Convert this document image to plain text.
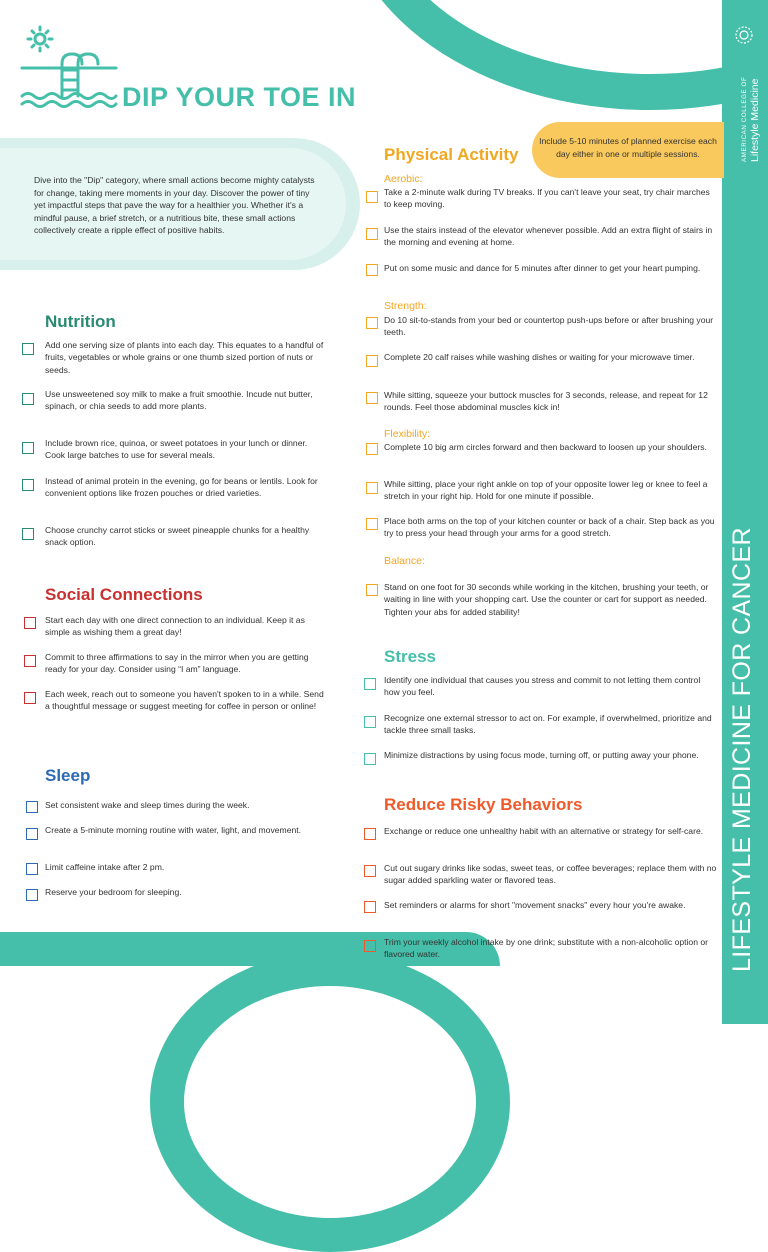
Dive into the "Dip" category, where small actions become mighty catalysts for change, taking mere moments in your day. Discover the power of tiny yet impactful steps that pave the way for a healthier you. Whether it's a mindful pause, a brief stretch, or a nutritious bite, these small actions collectively create a ripple effect of positive habits.
DIP YOUR TOE IN	AMERICAN COLLEGE OF Lifestyle Medicine
LIFESTYLE MEDICINE FOR CANCER
Include 5-10 minutes of planned exercise each day either in one or multiple sessions.
Nutrition
Social Connections
Sleep
Physical Activity
Aerobic:
Strength:
Flexibility:
Balance:
Stress
Reduce Risky Behaviors
Add one serving size of plants into each day. This equates to a handful of fruits, vegetables or whole grains or one thumb sized portion of nuts or seeds.
Use unsweetened soy milk to make a fruit smoothie. Incude nut butter, spinach, or chia seeds to add more plants.
Include brown rice, quinoa, or sweet potatoes in your lunch or dinner. Cook large batches to use for several meals.
Instead of animal protein in the evening, go for beans or lentils. Look for convenient options like frozen pouches or dried varieties.
Choose crunchy carrot sticks or sweet pineapple chunks for a healthy snack option.
Start each day with one direct connection to an individual. Keep it as simple as wishing them a great day!
Commit to three affirmations to say in the mirror when you are getting ready for your day. Consider using “I am” language.
Each week, reach out to someone you haven't spoken to in a while. Send a thoughtful message or suggest meeting for coffee in person or online!
Set consistent wake and sleep times during the week.
Create a 5-minute morning routine with water, light, and movement.
Limit caffeine intake after 2 pm.
Reserve your bedroom for sleeping.
Take a 2-minute walk during TV breaks. If you can't leave your seat, try chair marches to keep moving.
Use the stairs instead of the elevator whenever possible. Add an extra flight of stairs in the morning and evening at home.
Put on some music and dance for 5 minutes after dinner to get your heart pumping.
Do 10 sit-to-stands from your bed or countertop push-ups before or after brushing your teeth.
Complete 20 calf raises while washing dishes or waiting for your microwave timer.
While sitting, squeeze your buttock muscles for 3 seconds, release, and repeat for 12 rounds. Feel those abdominal muscles kick in!
Complete 10 big arm circles forward and then backward to loosen up your shoulders.
While sitting, place your right ankle on top of your opposite lower leg or knee to feel a stretch in your right hip. Hold for one minute if possible.
Place both arms on the top of your kitchen counter or back of a chair. Step back as you try to press your head through your arms for a good stretch.
Stand on one foot for 30 seconds while working in the kitchen, brushing your teeth, or waiting in line with your shopping cart. Use the counter or cart for support as needed. Tighten your abs for added stability!
Identify one individual that causes you stress and commit to not letting them control how you feel.
Recognize one external stressor to act on. For example, if overwhelmed, prioritize and tackle three small tasks.
Minimize distractions by using focus mode, turning off, or putting away your phone.
Exchange or reduce one unhealthy habit with an alternative or strategy for self-care.
Cut out sugary drinks like sodas, sweet teas, or coffee beverages; replace them with no sugar added sparkling water or flavored teas.
Set reminders or alarms for short "movement snacks" every hour you're awake.
Trim your weekly alcohol intake by one drink; substitute with a non-alcoholic option or flavored water.
